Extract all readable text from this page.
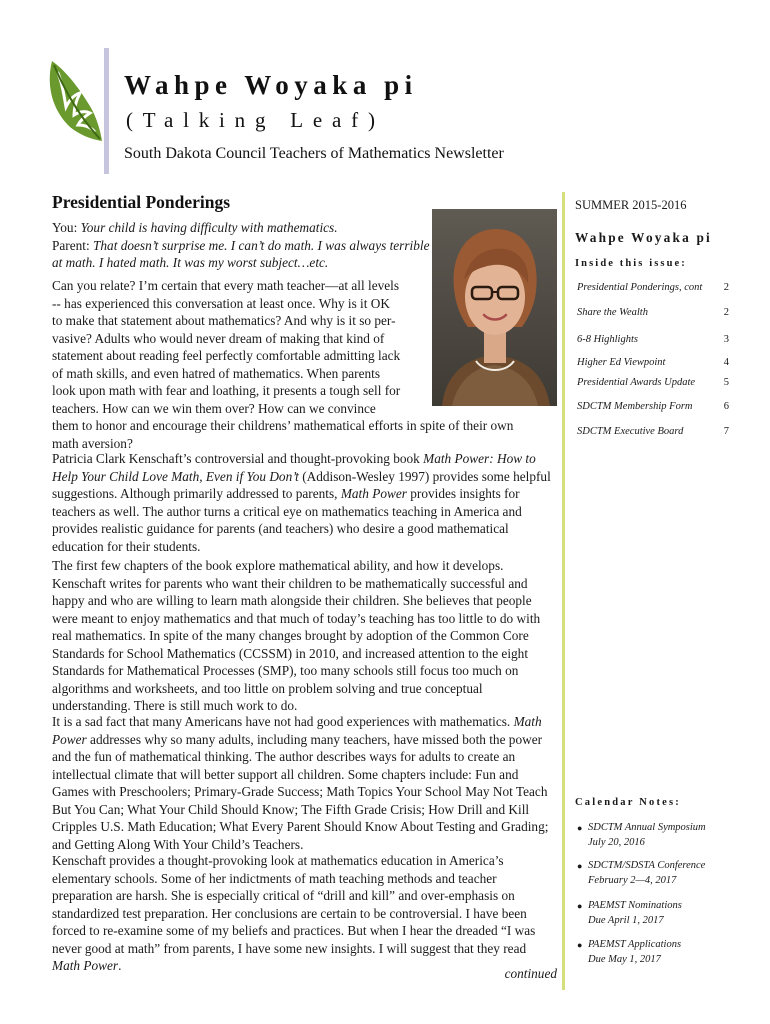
Wahpe Woyaka pi
(Talking Leaf)
South Dakota Council Teachers of Mathematics Newsletter
Presidential Ponderings

You: Your child is having difficulty with mathematics.

Parent: That doesn’t surprise me. I can’t do math. I was always terrible at math. I hated math. It was my worst subject…etc.

Can you relate? I’m certain that every math teacher—at all levels

-- has experienced this conversation at least once. Why is it OK

to make that statement about mathematics? And why is it so per-

vasive? Adults who would never dream of making that kind of

statement about reading feel perfectly comfortable admitting lack

of math skills, and even hatred of mathematics. When parents

look upon math with fear and loathing, it presents a tough sell for

teachers. How can we win them over? How can we convince

them to honor and encourage their childrens’ mathematical efforts in spite of their own

math aversion?

Patricia Clark Kenschaft’s controversial and thought-provoking book Math Power: How to Help Your Child Love Math, Even if You Don’t (Addison-Wesley 1997) provides some helpful suggestions. Although primarily addressed to parents, Math Power provides insights for teachers as well. The author turns a critical eye on mathematics teaching in America and provides realistic guidance for parents (and teachers) who desire a good mathematical education for their students.

The first few chapters of the book explore mathematical ability, and how it develops. Kenschaft writes for parents who want their children to be mathematically successful and happy and who are willing to learn math alongside their children. She believes that people were meant to enjoy mathematics and that much of today’s teaching has too little to do with real mathematics. In spite of the many changes brought by adoption of the Common Core Standards for School Mathematics (CCSSM) in 2010, and increased attention to the eight Standards for Mathematical Processes (SMP), too many schools still focus too much on algorithms and worksheets, and too little on problem solving and true conceptual understanding. There is still much work to do.

It is a sad fact that many Americans have not had good experiences with mathematics. Math Power addresses why so many adults, including many teachers, have missed both the power and the fun of mathematical thinking. The author describes ways for adults to create an intellectual climate that will better support all children. Some chapters include: Fun and Games with Preschoolers; Primary-Grade Success; Math Topics Your School May Not Teach But You Can; What Your Child Should Know; The Fifth Grade Crisis; How Drill and Kill Cripples U.S. Math Education; What Every Parent Should Know About Testing and Grading; and Getting Along With Your Child’s Teachers.

Kenschaft provides a thought-provoking look at mathematics education in America’s elementary schools. Some of her indictments of math teaching methods and teacher preparation are harsh. She is especially critical of “drill and kill” and over-emphasis on standardized test preparation. Her conclusions are certain to be controversial. I have been forced to re-examine some of my beliefs and practices. But when I hear the dreaded “I was never good at math” from parents, I have some new insights. I will suggest that they read Math Power.

continued
SUMMER 2015-2016
Wahpe Woyaka pi
Inside this issue:
Presidential Ponderings, cont 2
Share the Wealth	2
6-8 Highlights	3
Higher Ed Viewpoint	4
Presidential Awards Update	5
SDCTM Membership Form	6
SDCTM Executive Board	7
Calendar Notes:
● SDCTM Annual Symposium
July 20, 2016
● SDCTM/SDSTA Conference
February 2—4, 2017
● PAEMST Nominations
Due April 1, 2017
● PAEMST Applications
Due May 1, 2017
